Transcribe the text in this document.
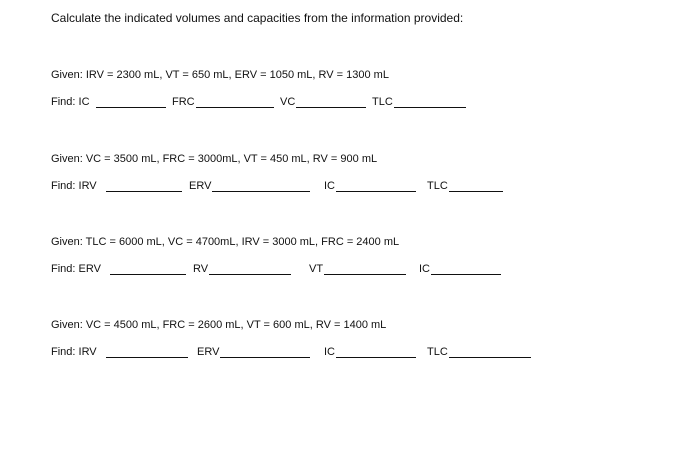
Calculate the indicated volumes and capacities from the information provided:
Given: IRV = 2300 mL, VT = 650 mL, ERV = 1050 mL, RV = 1300 mL
Find: IC	FRC	VC	TLC
Given: VC = 3500 mL, FRC = 3000mL, VT = 450 mL, RV = 900 mL
Find: IRV	ERV	IC	TLC
Given: TLC = 6000 mL, VC = 4700mL, IRV = 3000 mL, FRC = 2400 mL
Find: ERV	RV	VT	IC
Given: VC = 4500 mL, FRC = 2600 mL, VT = 600 mL, RV = 1400 mL
Find: IRV	ERV	IC	TLC
